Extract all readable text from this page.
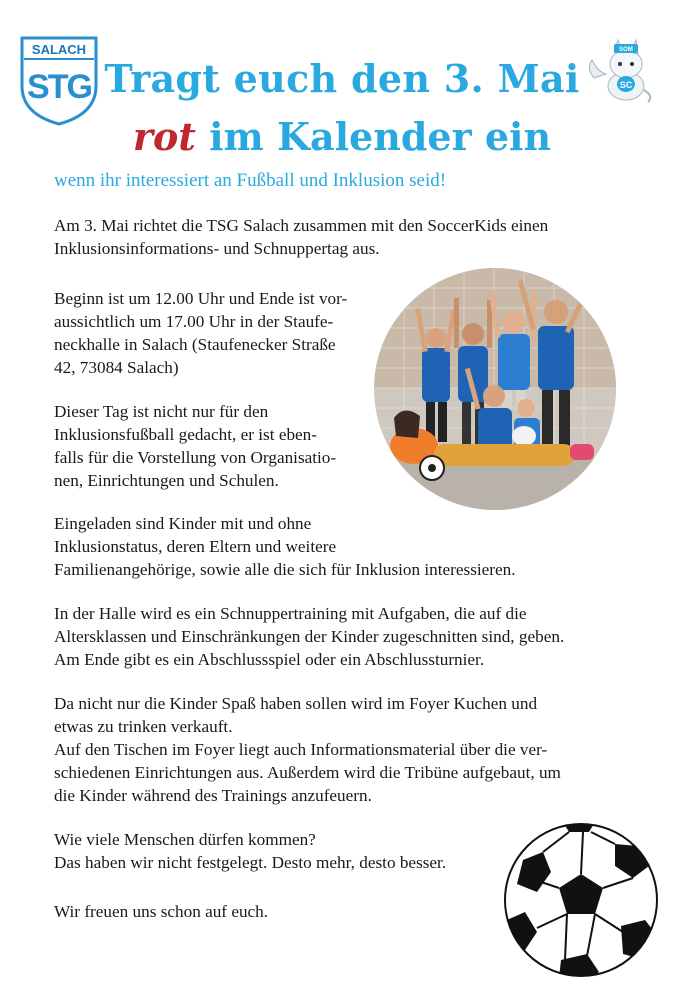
SALACH
STG
SOM
SC
Tragt euch den 3. Mai
rot im Kalender ein

wenn ihr interessiert an Fußball und Inklusion seid!

Am 3. Mai richtet die TSG Salach zusammen mit den SoccerKids einen
Inklusionsinformations- und Schnuppertag aus.

Beginn ist um 12.00 Uhr und Ende ist vor-
aussichtlich um 17.00 Uhr in der Staufe-
neckhalle in Salach (Staufenecker Straße
42, 73084 Salach)

Dieser Tag ist nicht nur für den
Inklusionsfußball gedacht, er ist eben-
falls für die Vorstellung von Organisatio-
nen, Einrichtungen und Schulen.

Eingeladen sind Kinder mit und ohne
Inklusionstatus, deren Eltern und weitere
Familienangehörige, sowie alle die sich für Inklusion interessieren.

In der Halle wird es ein Schnuppertraining mit Aufgaben, die auf die
Altersklassen und Einschränkungen der Kinder zugeschnitten sind, geben.
Am Ende gibt es ein Abschlussspiel oder ein Abschlussturnier.

Da nicht nur die Kinder Spaß haben sollen wird im Foyer Kuchen und
etwas zu trinken verkauft.
Auf den Tischen im Foyer liegt auch Informationsmaterial über die ver-
schiedenen Einrichtungen aus. Außerdem wird die Tribüne aufgebaut, um
die Kinder während des Trainings anzufeuern.

Wie viele Menschen dürfen kommen?
Das haben wir nicht festgelegt. Desto mehr, desto besser.

Wir freuen uns schon auf euch.
